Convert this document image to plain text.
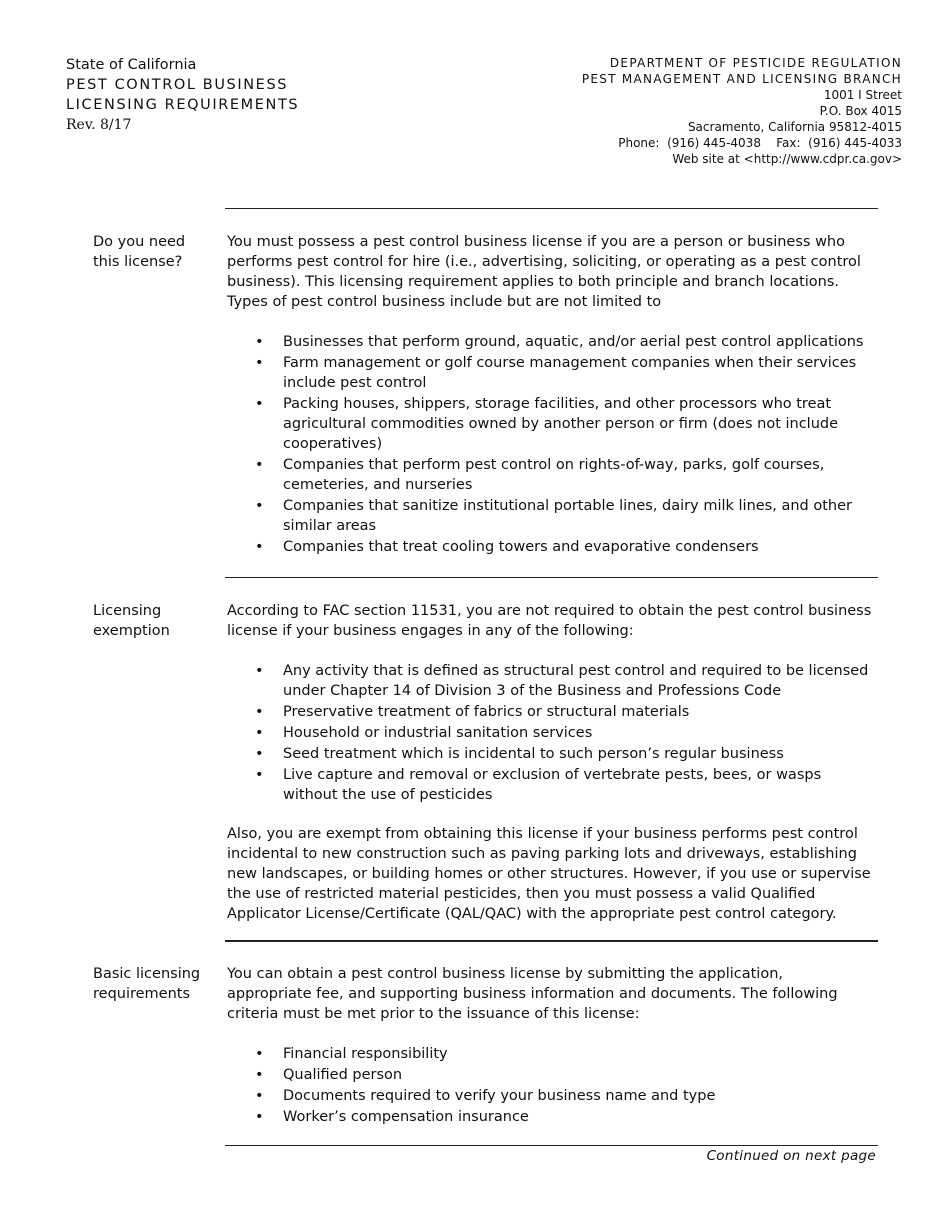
State of California
PEST CONTROL BUSINESS
LICENSING REQUIREMENTS
Rev. 8/17
DEPARTMENT OF PESTICIDE REGULATION
PEST MANAGEMENT AND LICENSING BRANCH
1001 I Street
P.O. Box 4015
Sacramento, California 95812-4015
Phone:  (916) 445-4038    Fax:  (916) 445-4033
Web site at <http://www.cdpr.ca.gov>
Do you need this license?

You must possess a pest control business license if you are a person or business who performs pest control for hire (i.e., advertising, soliciting, or operating as a pest control business). This licensing requirement applies to both principle and branch locations. Types of pest control business include but are not limited to

• Businesses that perform ground, aquatic, and/or aerial pest control applications
• Farm management or golf course management companies when their services include pest control
• Packing houses, shippers, storage facilities, and other processors who treat agricultural commodities owned by another person or firm (does not include cooperatives)
• Companies that perform pest control on rights-of-way, parks, golf courses, cemeteries, and nurseries
• Companies that sanitize institutional portable lines, dairy milk lines, and other similar areas
• Companies that treat cooling towers and evaporative condensers
Licensing exemption

According to FAC section 11531, you are not required to obtain the pest control business license if your business engages in any of the following:

• Any activity that is defined as structural pest control and required to be licensed under Chapter 14 of Division 3 of the Business and Professions Code
• Preservative treatment of fabrics or structural materials
• Household or industrial sanitation services
• Seed treatment which is incidental to such person’s regular business
• Live capture and removal or exclusion of vertebrate pests, bees, or wasps without the use of pesticides

Also, you are exempt from obtaining this license if your business performs pest control incidental to new construction such as paving parking lots and driveways, establishing new landscapes, or building homes or other structures. However, if you use or supervise the use of restricted material pesticides, then you must possess a valid Qualified Applicator License/Certificate (QAL/QAC) with the appropriate pest control category.

Basic licensing requirements

You can obtain a pest control business license by submitting the application, appropriate fee, and supporting business information and documents. The following criteria must be met prior to the issuance of this license:

• Financial responsibility
• Qualified person
• Documents required to verify your business name and type
• Worker’s compensation insurance
Continued on next page
